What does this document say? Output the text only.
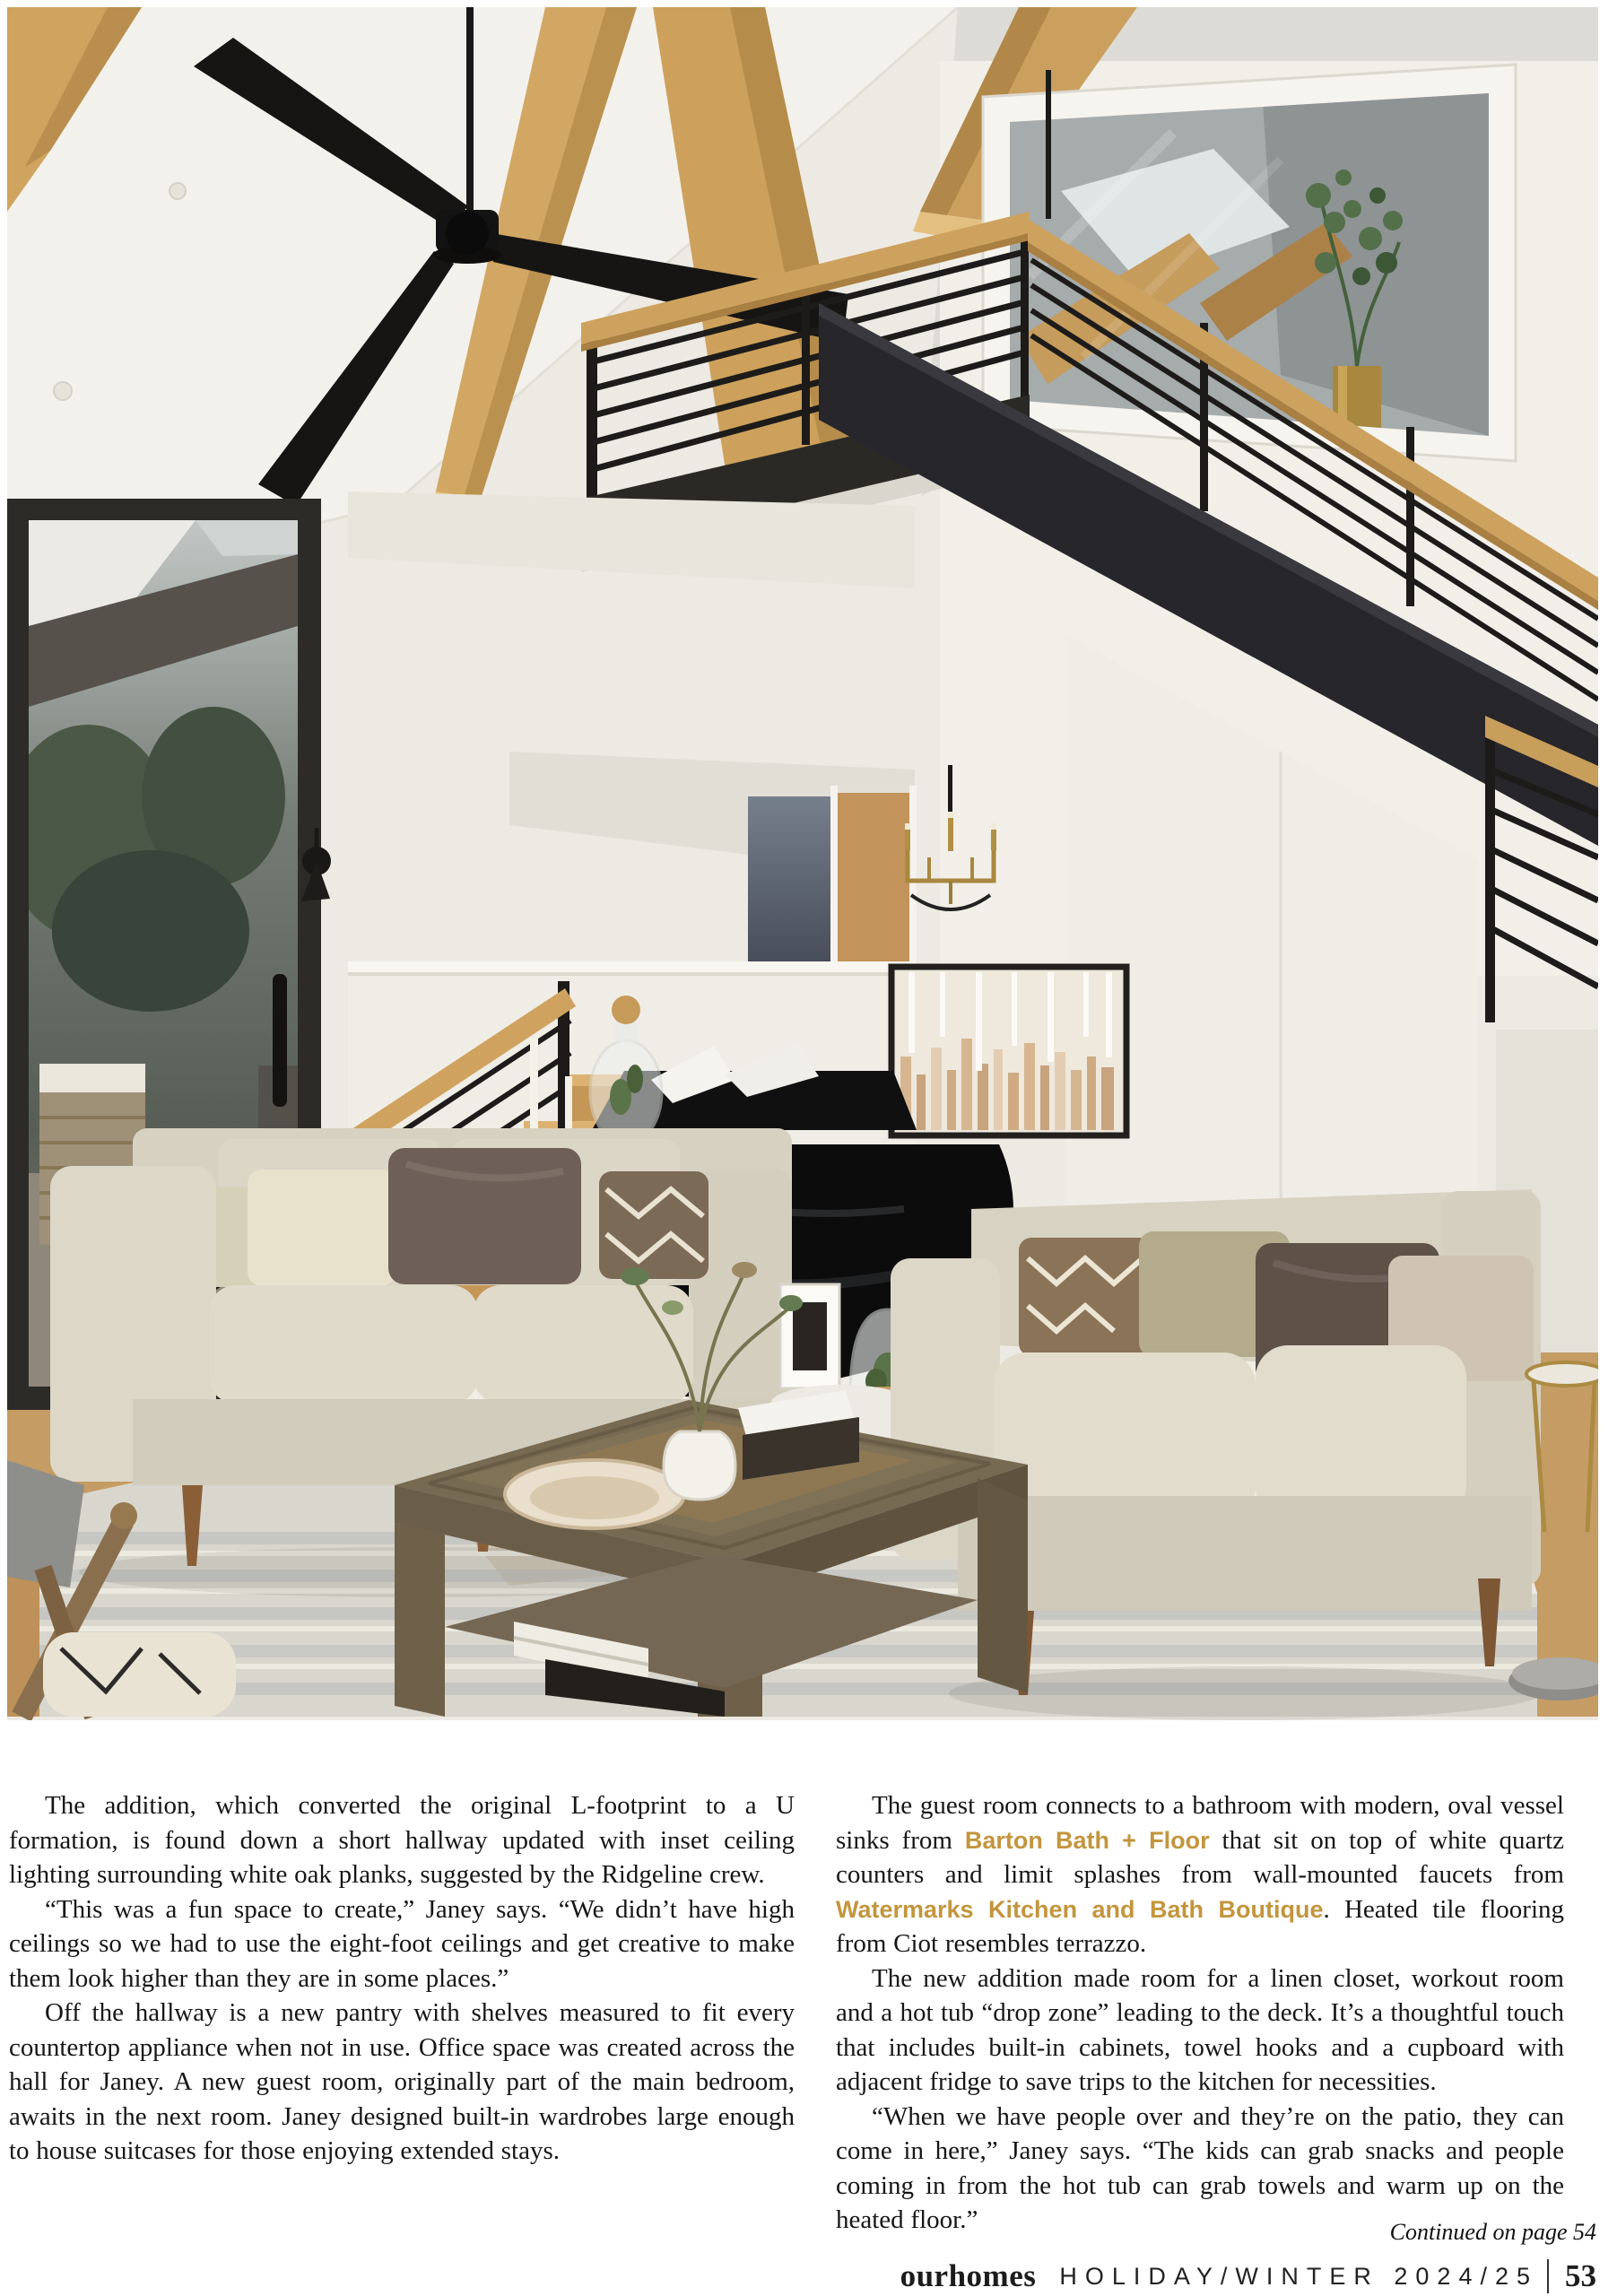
The addition, which converted the original L-footprint to a U formation, is found down a short hallway updated with inset ceiling lighting surrounding white oak planks, suggested by the Ridgeline crew.

“This was a fun space to create,” Janey says. “We didn’t have high ceilings so we had to use the eight-foot ceilings and get creative to make them look higher than they are in some places.”

Off the hallway is a new pantry with shelves measured to fit every countertop appliance when not in use. Office space was created across the hall for Janey. A new guest room, originally part of the main bedroom, awaits in the next room. Janey designed built-in wardrobes large enough to house suitcases for those enjoying extended stays.

The guest room connects to a bathroom with modern, oval vessel sinks from Barton Bath + Floor that sit on top of white quartz counters and limit splashes from wall-mounted faucets from Watermarks Kitchen and Bath Boutique. Heated tile flooring from Ciot resembles terrazzo.

The new addition made room for a linen closet, workout room and a hot tub “drop zone” leading to the deck. It’s a thoughtful touch that includes built-in cabinets, towel hooks and a cupboard with adjacent fridge to save trips to the kitchen for necessities.

“When we have people over and they’re on the patio, they can come in here,” Janey says. “The kids can grab snacks and people coming in from the hot tub can grab towels and warm up on the heated floor.”	Continued on page 54
ourhomes HOLIDAY/WINTER 2024/25 53
